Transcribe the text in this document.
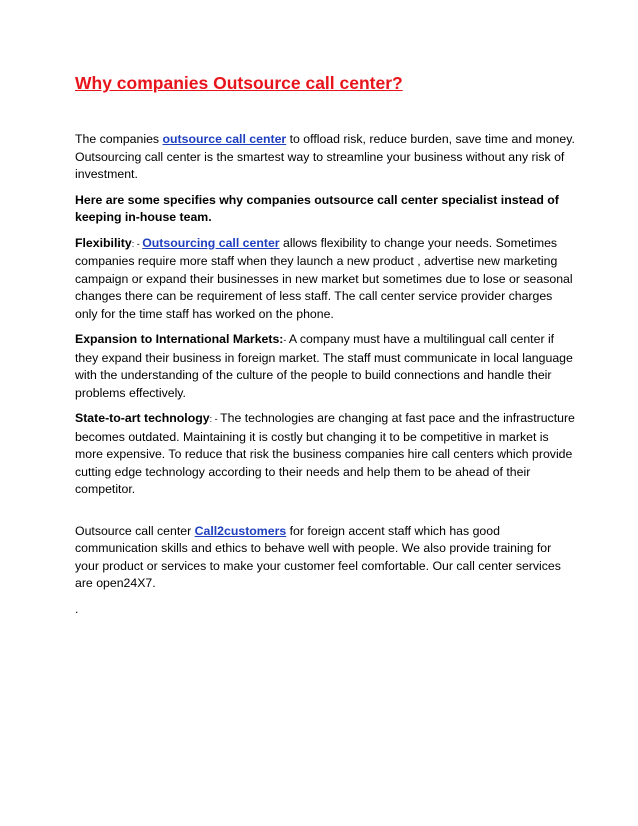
Why companies Outsource call center?

The companies outsource call center to offload risk, reduce burden, save time and money. Outsourcing call center is the smartest way to streamline your business without any risk of investment.

Here are some specifies why companies outsource call center specialist instead of keeping in-house team.

Flexibility: - Outsourcing call center allows flexibility to change your needs. Sometimes companies require more staff when they launch a new product , advertise new marketing campaign or expand their businesses in new market but sometimes due to lose or seasonal changes there can be requirement of less staff. The call center service provider charges only for the time staff has worked on the phone.

Expansion to International Markets:- A company must have a multilingual call center if they expand their business in foreign market. The staff must communicate in local language with the understanding of the culture of the people to build connections and handle their problems effectively.

State-to-art technology: - The technologies are changing at fast pace and the infrastructure becomes outdated. Maintaining it is costly but changing it to be competitive in market is more expensive. To reduce that risk the business companies hire call centers which provide cutting edge technology according to their needs and help them to be ahead of their competitor.

Outsource call center Call2customers for foreign accent staff which has good communication skills and ethics to behave well with people. We also provide training for your product or services to make your customer feel comfortable. Our call center services are open24X7.

.
